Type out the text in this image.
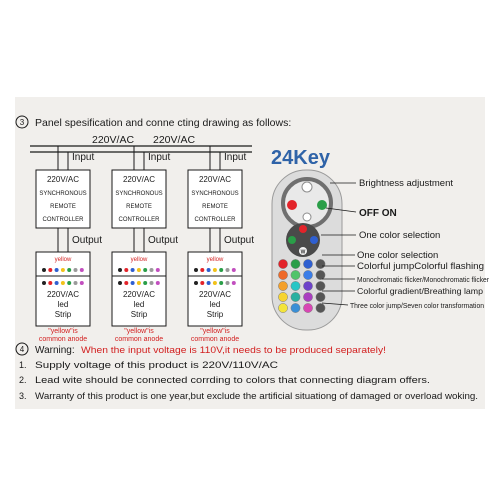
3 Panel spesification and conne cting drawing as follows:
220V/AC 220V/AC
Input
220V/AC
SYNCHRONOUS
REMOTE
CONTROLLER
Output
yellow
220V/AC
led
Strip
"yellow"is
common anode
Input
220V/AC
SYNCHRONOUS
REMOTE
CONTROLLER
Output
yellow
220V/AC
led
Strip
"yellow"is
common anode
Input
220V/AC
SYNCHRONOUS
REMOTE
CONTROLLER
Output
yellow
220V/AC
led
Strip
"yellow"is
common anode
24Key
W
Brightness adjustment
OFF ON
One color selection
One color selection
Colorful jumpColorful flashing
Monochromatic flicker/Monochromatic flicker
Colorful gradient/Breathing lamp
Three color jump/Seven color transformation
4 Warning: When the input voltage is 110V,it needs to be produced separately!
1. Supply voltage of this product is 220V/110V/AC
2. Lead wite should be connected corrding to colors that connecting diagram offers.
3. Warranty of this product is one year,but exclude the artificial situationg of damaged or overload woking.
